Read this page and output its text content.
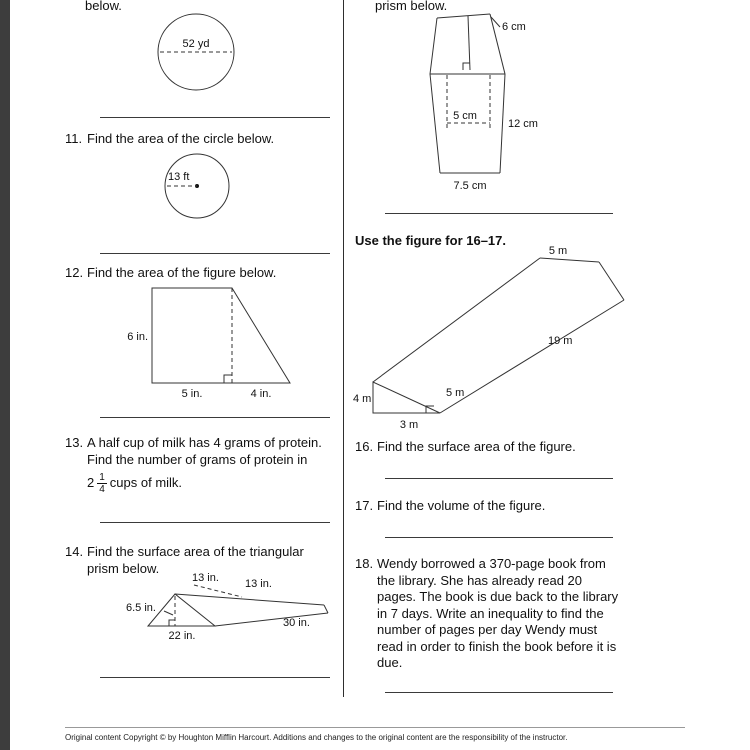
below.
52 yd
11. Find the area of the circle below.
13 ft
12. Find the area of the figure below.
6 in.
5 in.	4 in.
13. A half cup of milk has 4 grams of protein.
Find the number of grams of protein in
$2 \frac{1}{4}$ cups of milk.
14. Find the surface area of the triangular
prism below.
13 in. 13 in.
6.5 in.
30 in.
22 in.
prism below.
6 cm
5 cm
12 cm
7.5 cm
Use the figure for 16–17.
5 m
19 m
4 m	5 m
3 m
16. Find the surface area of the figure.
17. Find the volume of the figure.
18. Wendy borrowed a 370-page book from the library. She has already read 20 pages. The book is due back to the library in 7 days. Write an inequality to find the number of pages per day Wendy must read in order to finish the book before it is due.
Original content Copyright © by Houghton Mifflin Harcourt. Additions and changes to the original content are the responsibility of the instructor.
